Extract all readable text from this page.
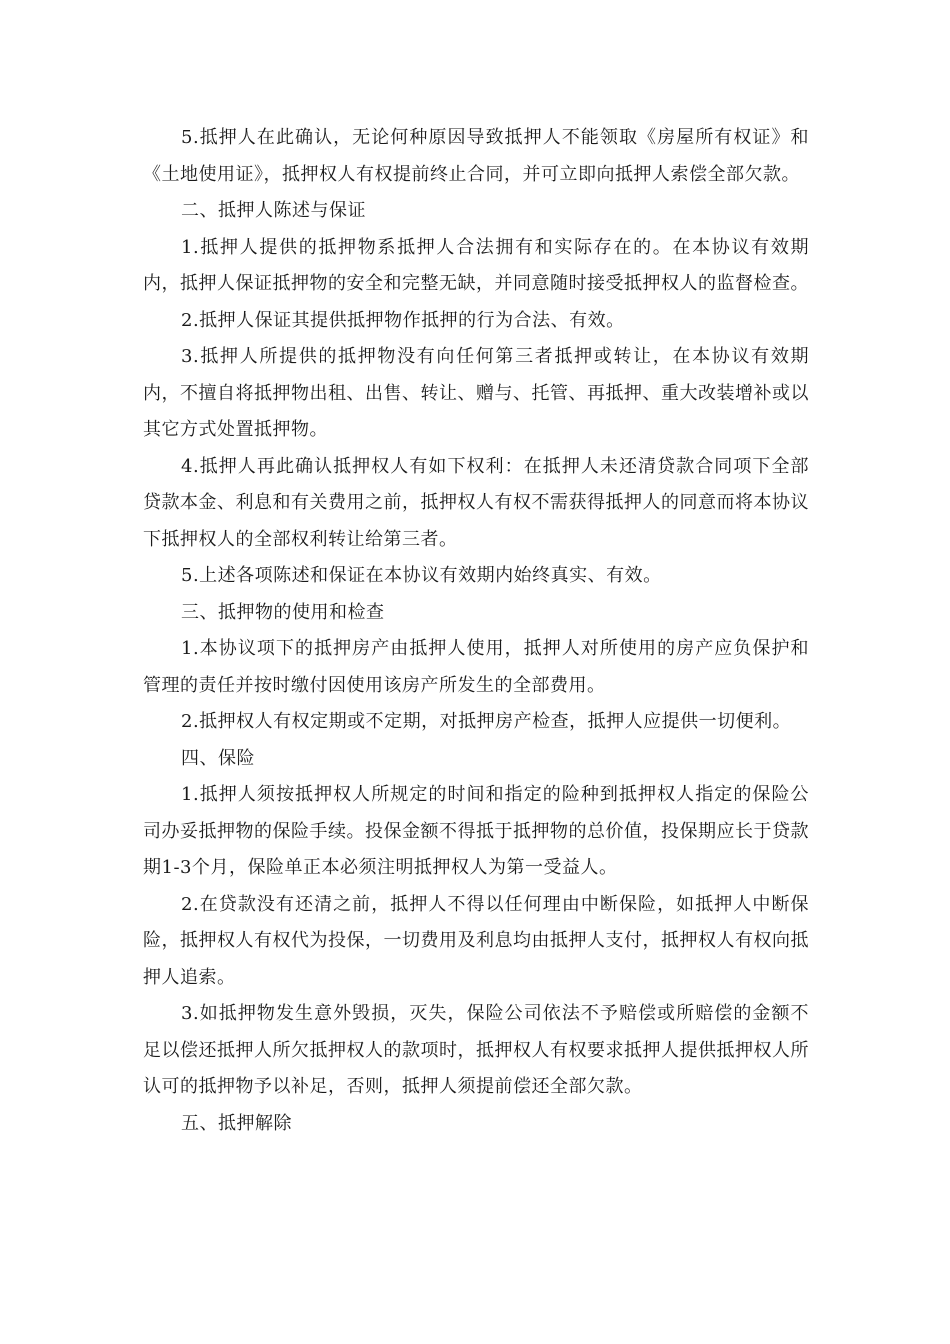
5.抵押人在此确认，无论何种原因导致抵押人不能领取《房屋所有权证》和《土地使用证》，抵押权人有权提前终止合同，并可立即向抵押人索偿全部欠款。

二、抵押人陈述与保证

1.抵押人提供的抵押物系抵押人合法拥有和实际存在的。在本协议有效期内，抵押人保证抵押物的安全和完整无缺，并同意随时接受抵押权人的监督检查。

2.抵押人保证其提供抵押物作抵押的行为合法、有效。

3.抵押人所提供的抵押物没有向任何第三者抵押或转让，在本协议有效期内，不擅自将抵押物出租、出售、转让、赠与、托管、再抵押、重大改装增补或以其它方式处置抵押物。

4.抵押人再此确认抵押权人有如下权利：在抵押人未还清贷款合同项下全部贷款本金、利息和有关费用之前，抵押权人有权不需获得抵押人的同意而将本协议下抵押权人的全部权利转让给第三者。

5.上述各项陈述和保证在本协议有效期内始终真实、有效。

三、抵押物的使用和检查

1.本协议项下的抵押房产由抵押人使用，抵押人对所使用的房产应负保护和管理的责任并按时缴付因使用该房产所发生的全部费用。

2.抵押权人有权定期或不定期，对抵押房产检查，抵押人应提供一切便利。

四、保险

1.抵押人须按抵押权人所规定的时间和指定的险种到抵押权人指定的保险公司办妥抵押物的保险手续。投保金额不得抵于抵押物的总价值，投保期应长于贷款期1-3个月，保险单正本必须注明抵押权人为第一受益人。

2.在贷款没有还清之前，抵押人不得以任何理由中断保险，如抵押人中断保险，抵押权人有权代为投保，一切费用及利息均由抵押人支付，抵押权人有权向抵押人追索。

3.如抵押物发生意外毁损，灭失，保险公司依法不予赔偿或所赔偿的金额不足以偿还抵押人所欠抵押权人的款项时，抵押权人有权要求抵押人提供抵押权人所认可的抵押物予以补足，否则，抵押人须提前偿还全部欠款。

五、抵押解除
